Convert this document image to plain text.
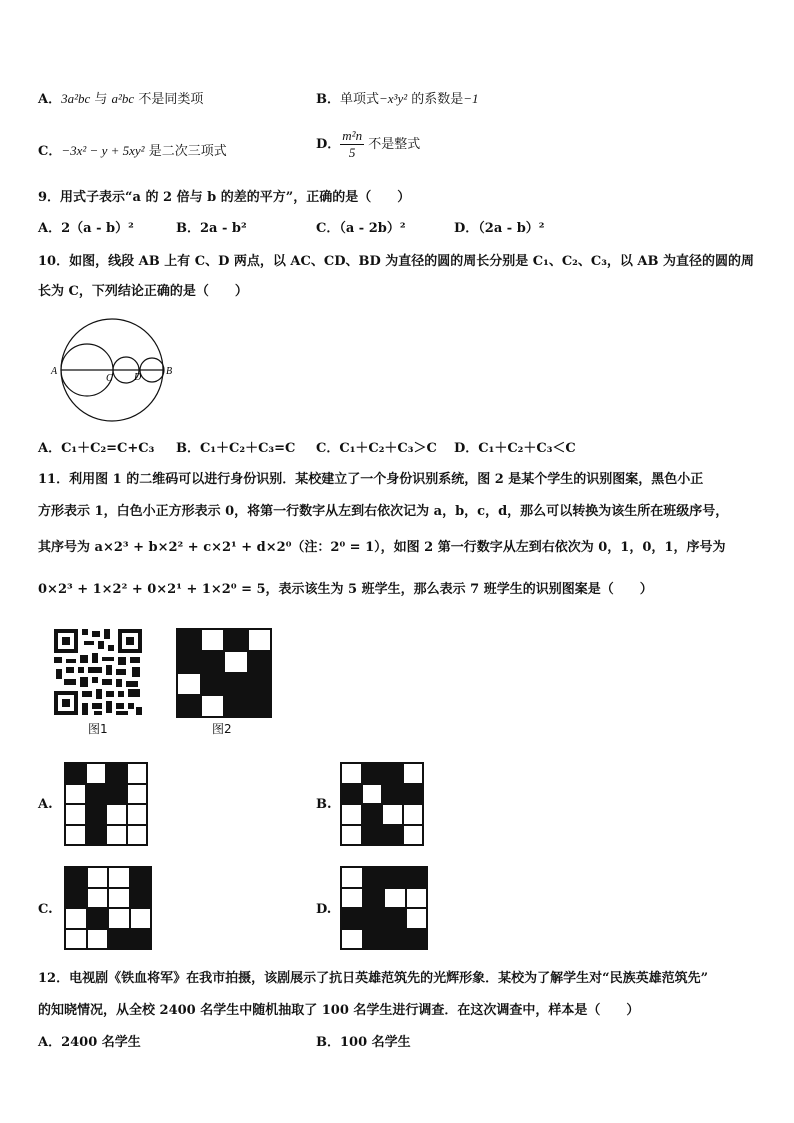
A．3a²bc 与 a²bc 不是同类项	B．单项式−x³y² 的系数是−1
C．−3x² − y + 5xy² 是二次三项式	D． $\frac{\text{m²n}}{5}$ 不是整式
9．用式子表示“a 的 2 倍与 b 的差的平方”，正确的是（　　）
A．2（a - b）²	B．2a - b²	C．（a - 2b）²	D．（2a - b）²
10．如图，线段 AB 上有 C、D 两点，以 AC、CD、BD 为直径的圆的周长分别是 C₁、C₂、C₃，以 AB 为直径的圆的周
长为 C，下列结论正确的是（　　）
A
C D
B
A．C₁＋C₂=C+C₃ B．C₁＋C₂＋C₃=C C．C₁＋C₂＋C₃＞C D．C₁＋C₂＋C₃＜C
11．利用图 1 的二维码可以进行身份识别．某校建立了一个身份识别系统，图 2 是某个学生的识别图案，黑色小正
方形表示 1，白色小正方形表示 0，将第一行数字从左到右依次记为 a，b，c，d，那么可以转换为该生所在班级序号，
其序号为 a×2³ + b×2² + c×2¹ + d×2⁰（注：2⁰ = 1），如图 2 第一行数字从左到右依次为 0，1，0，1，序号为
0×2³ + 1×2² + 0×2¹ + 1×2⁰ = 5，表示该生为 5 班学生，那么表示 7 班学生的识别图案是（　　）
图1	图2
A.	B.
C.	D.
12．电视剧《铁血将军》在我市拍摄，该剧展示了抗日英雄范筑先的光辉形象．某校为了解学生对“民族英雄范筑先”
的知晓情况，从全校 2400 名学生中随机抽取了 100 名学生进行调查．在这次调查中，样本是（　　）
A．2400 名学生	B．100 名学生
